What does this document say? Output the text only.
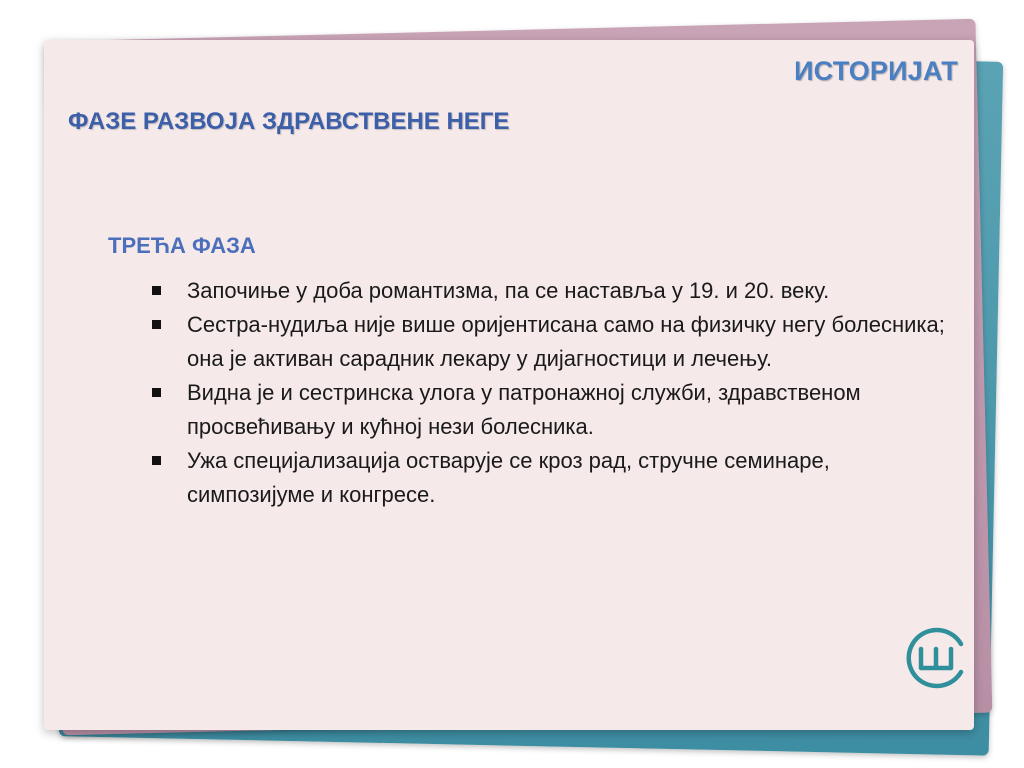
ИСТОРИЈАТ
ФАЗЕ РАЗВОЈА ЗДРАВСТВЕНЕ НЕГЕ
ТРЕЋА ФАЗА
Започиње у доба романтизма, па се наставља у 19. и 20. веку.
Сестра-нудиља није више оријентисана само на физичку негу болесника; она је активан сарадник лекару у дијагностици и лечењу.
Видна је и сестринска улога у патронажној служби, здравственом просвећивању и кућној нези болесника.
Ужа специјализација остварује се кроз рад, стручне семинаре, симпозијуме и конгресе.
